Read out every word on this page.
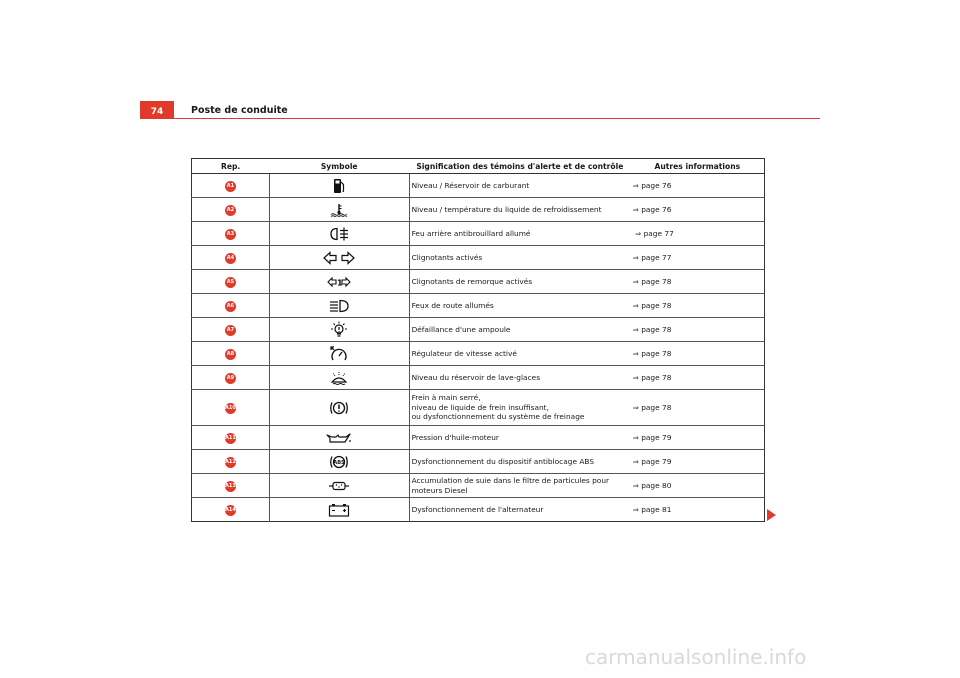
74	Poste de conduite
Rep.	Symbole	Signification des témoins d'alerte et de contrôle	Autres informations
A1		Niveau / Réservoir de carburant	⇒ page 76
A2		Niveau / température du liquide de refroidissement	⇒ page 76
A3		Feu arrière antibrouillard allumé	⇒ page 77
A4		Clignotants activés	⇒ page 77
A5	1	Clignotants de remorque activés	⇒ page 78
A6		Feux de route allumés	⇒ page 78
A7		Défaillance d'une ampoule	⇒ page 78
A8		Régulateur de vitesse activé	⇒ page 78
A9		Niveau du réservoir de lave-glaces	⇒ page 78
A10		Frein à main serré,
niveau de liquide de frein insuffisant,
ou dysfonctionnement du système de freinage	⇒ page 78
A11		Pression d'huile-moteur	⇒ page 79
A12	ABS	Dysfonctionnement du dispositif antiblocage ABS	⇒ page 79
A13		Accumulation de suie dans le filtre de particules pour
moteurs Diesel	⇒ page 80
A14		Dysfonctionnement de l'alternateur	⇒ page 81
carmanualsonline.info
